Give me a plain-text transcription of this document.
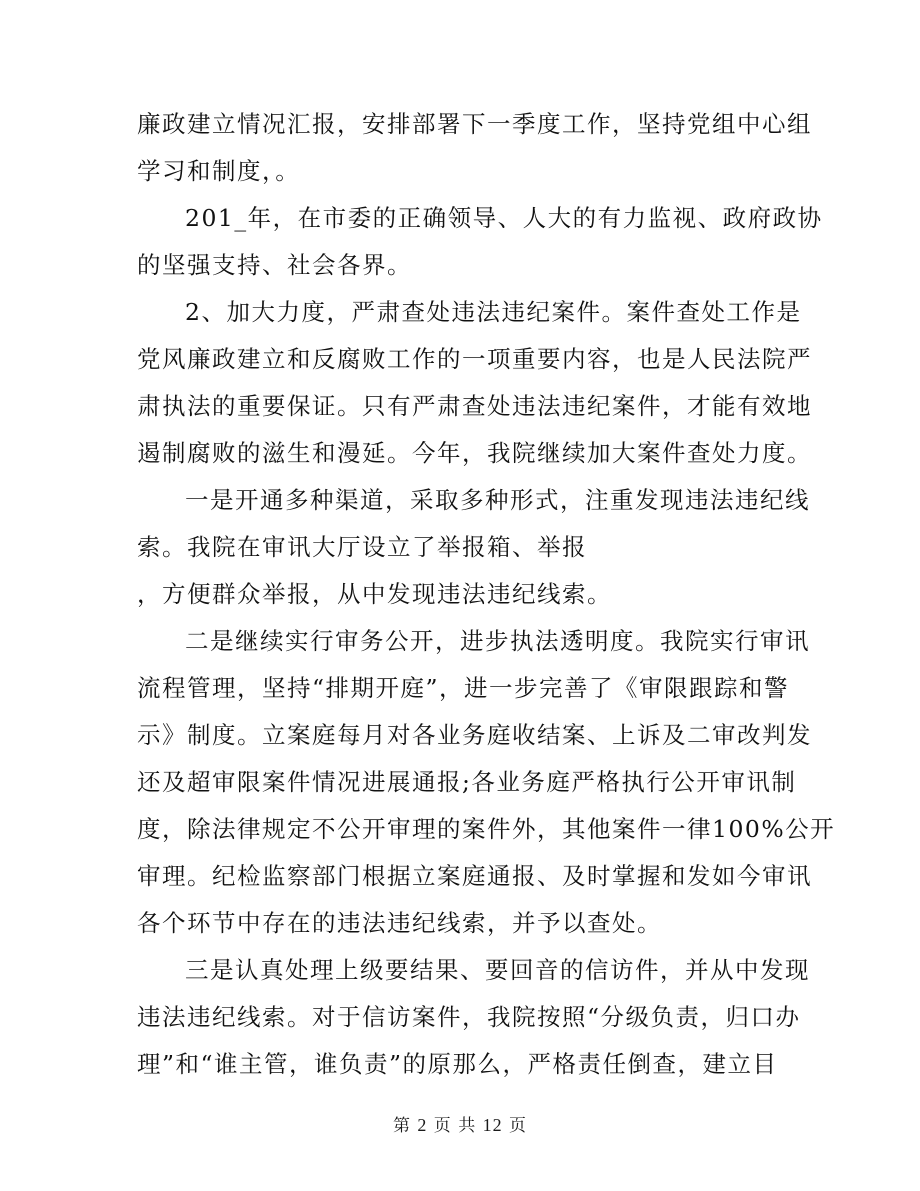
廉政建立情况汇报，安排部署下一季度工作，坚持党组中心组
学习和制度，。
201_年，在市委的正确领导、人大的有力监视、政府政协
的坚强支持、社会各界。
2、加大力度，严肃查处违法违纪案件。案件查处工作是
党风廉政建立和反腐败工作的一项重要内容，也是人民法院严
肃执法的重要保证。只有严肃查处违法违纪案件，才能有效地
遏制腐败的滋生和漫延。今年，我院继续加大案件查处力度。
一是开通多种渠道，采取多种形式，注重发现违法违纪线
索。我院在审讯大厅设立了举报箱、举报
，方便群众举报，从中发现违法违纪线索。
二是继续实行审务公开，进步执法透明度。我院实行审讯
流程管理，坚持“排期开庭”，进一步完善了《审限跟踪和警
示》制度。立案庭每月对各业务庭收结案、上诉及二审改判发
还及超审限案件情况进展通报;各业务庭严格执行公开审讯制
度，除法律规定不公开审理的案件外，其他案件一律100%公开
审理。纪检监察部门根据立案庭通报、及时掌握和发如今审讯
各个环节中存在的违法违纪线索，并予以查处。
三是认真处理上级要结果、要回音的信访件，并从中发现
违法违纪线索。对于信访案件，我院按照“分级负责，归口办
理”和“谁主管，谁负责”的原那么，严格责任倒查，建立目
第 2 页 共 12 页
